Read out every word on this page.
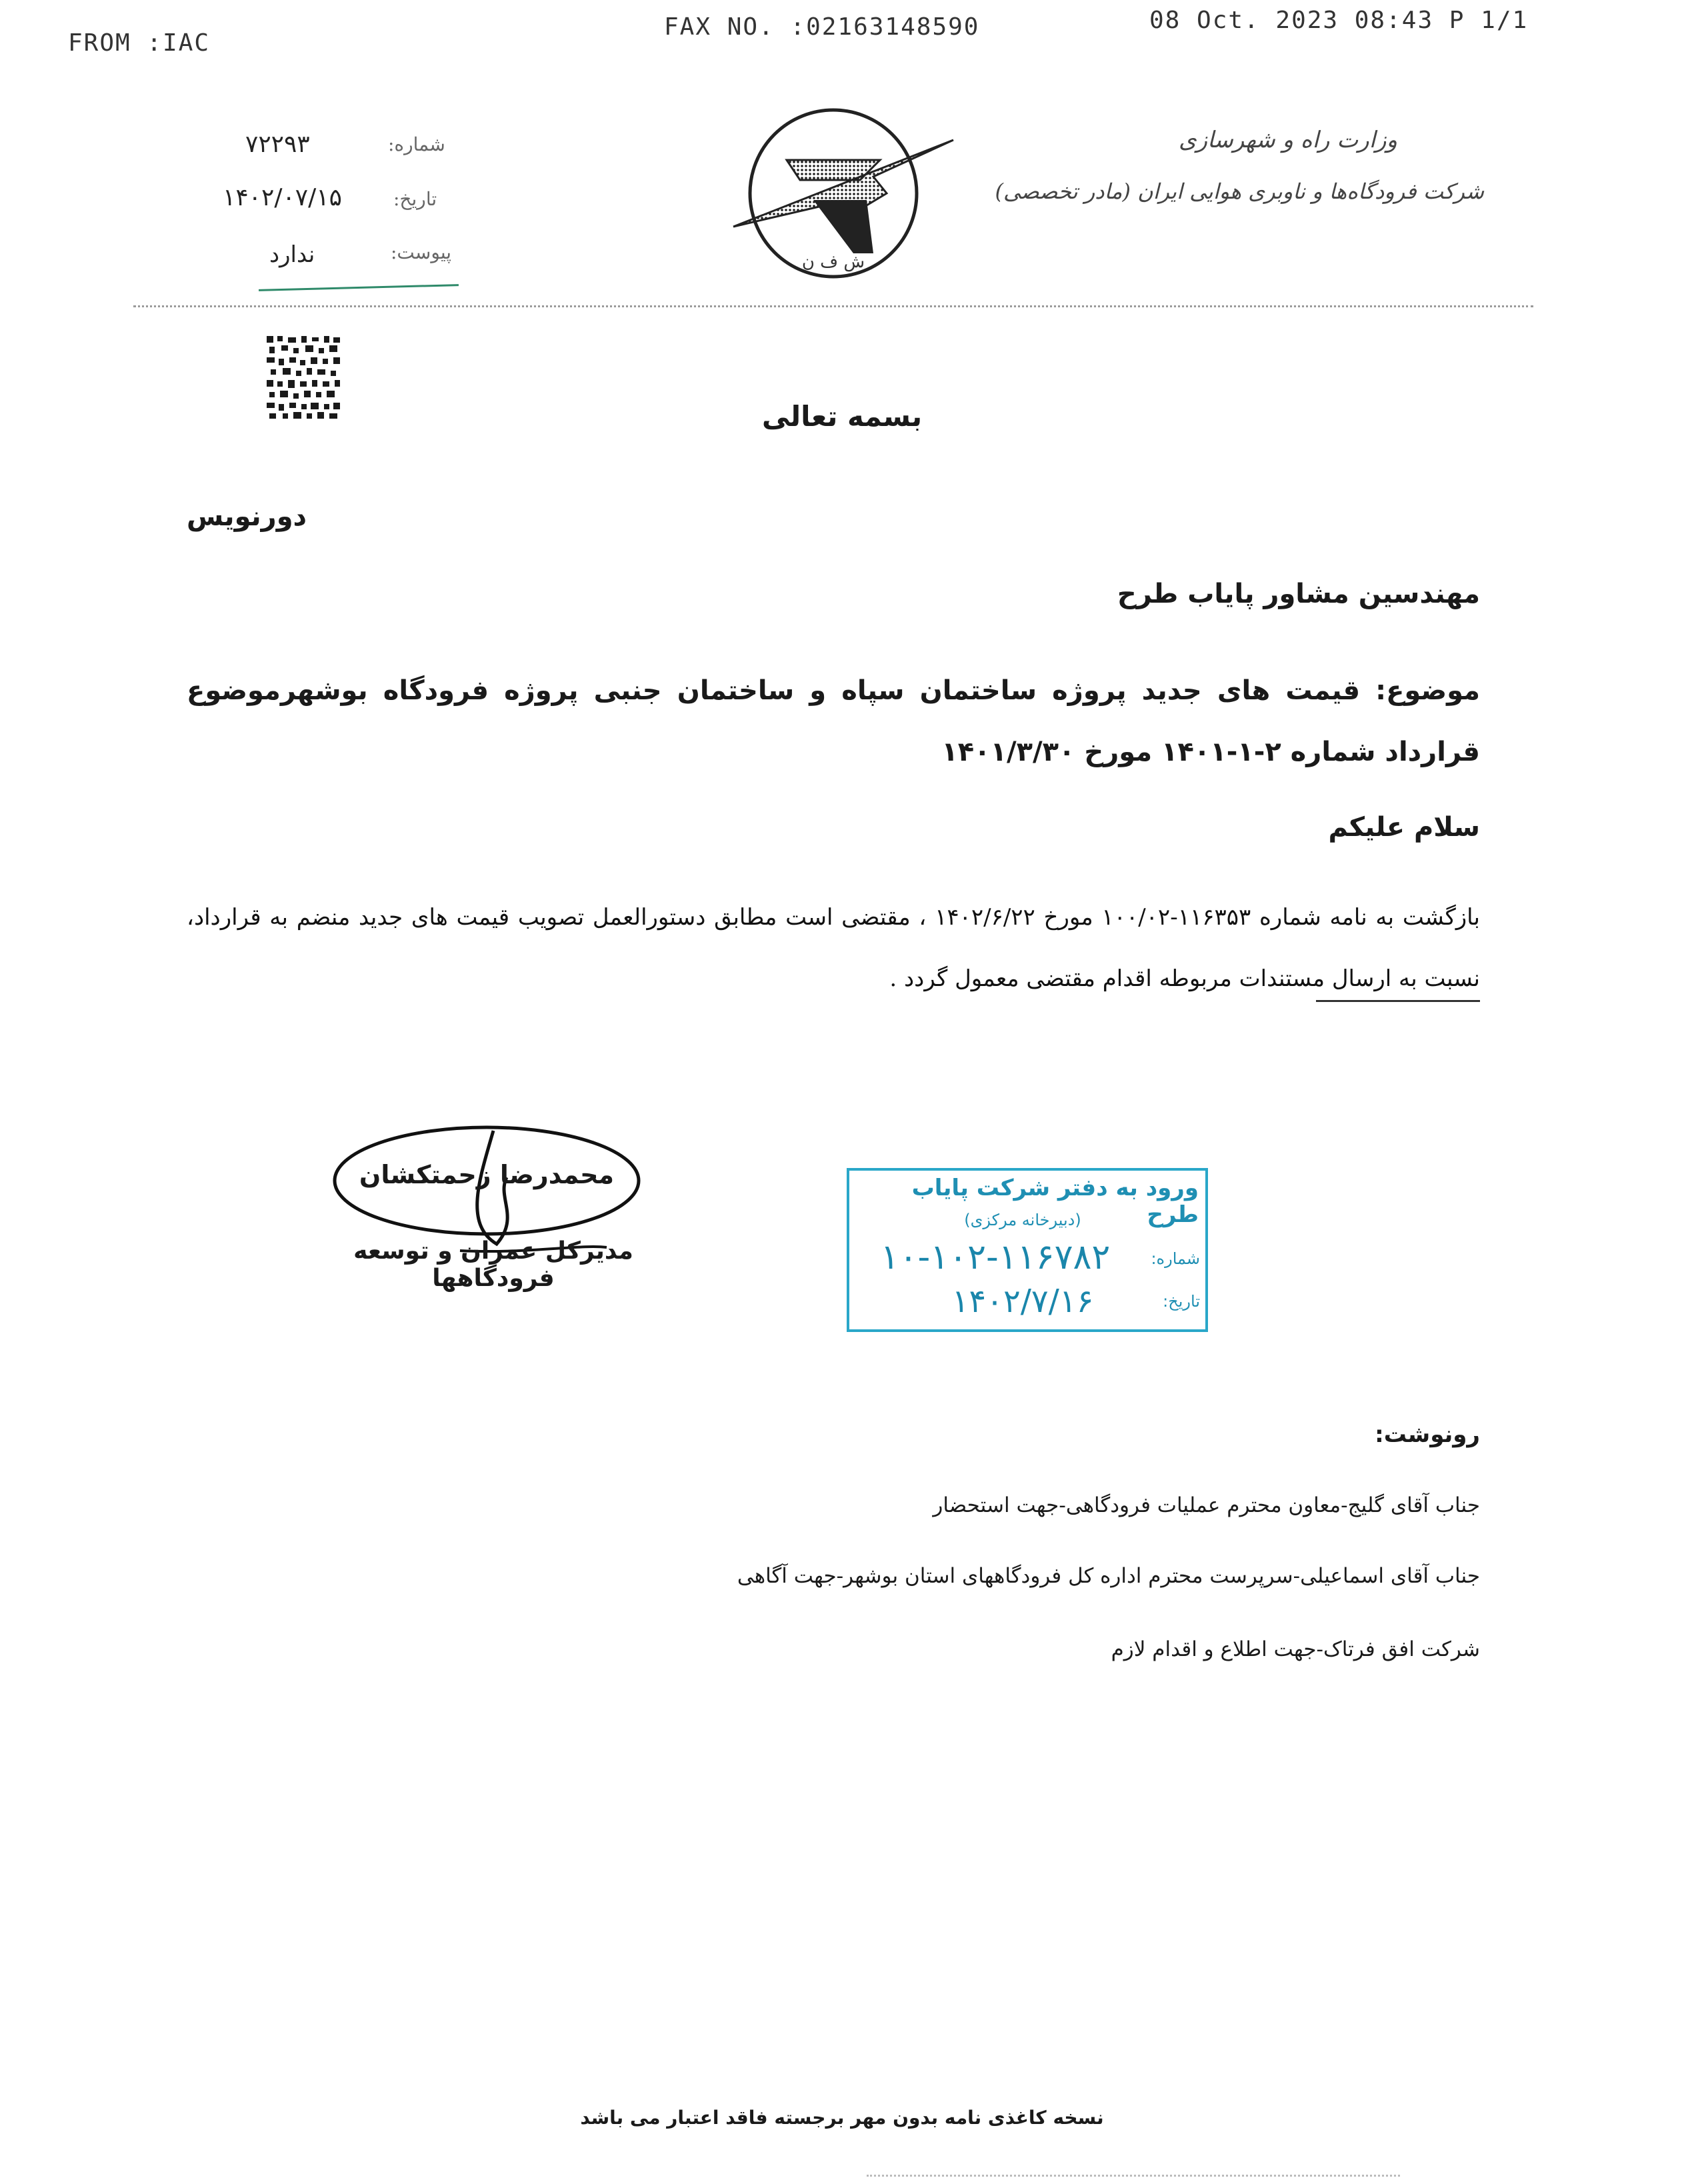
FROM :IAC
FAX NO. :02163148590	08 Oct. 2023 08:43 P 1/1
وزارت راه و شهرسازی
شرکت فرودگاه‌ها و ناوبری هوایی ایران (مادر تخصصی)
ش ف ن
شماره:
۷۲۲۹۳
تاریخ:
۱۴۰۲/۰۷/۱۵
پیوست:
ندارد
بسمه تعالی
دورنویس
مهندسین مشاور پایاب طرح
موضوع: قیمت های جدید پروژه ساختمان سپاه و ساختمان جنبی پروژه فرودگاه بوشهرموضوع قرارداد شماره ۲-۱-۱۴۰۱ مورخ ۱۴۰۱/۳/۳۰
سلام علیکم
بازگشت به نامه شماره ۱۱۶۳۵۳-۱۰۰/۰۲ مورخ ۱۴۰۲/۶/۲۲ ، مقتضی است مطابق دستورالعمل تصویب قیمت های جدید منضم به قرارداد، نسبت به ارسال مستندات مربوطه اقدام مقتضی معمول گردد .
محمدرضا زحمتکشان
مدیرکل عمران و توسعه فرودگاهها
ورود به دفتر شرکت پایاب طرح
(دبیرخانه مرکزی)
شماره:
۱۰-۱۰۲-۱۱۶۷۸۲
تاریخ:
۱۴۰۲/۷/۱۶
رونوشت:
جناب آقای گلیج-معاون محترم عملیات فرودگاهی-جهت استحضار
جناب آقای اسماعیلی-سرپرست محترم اداره کل فرودگاههای استان بوشهر-جهت آگاهی
شرکت افق فرتاک-جهت اطلاع و اقدام لازم
نسخه کاغذی نامه بدون مهر برجسته فاقد اعتبار می باشد
